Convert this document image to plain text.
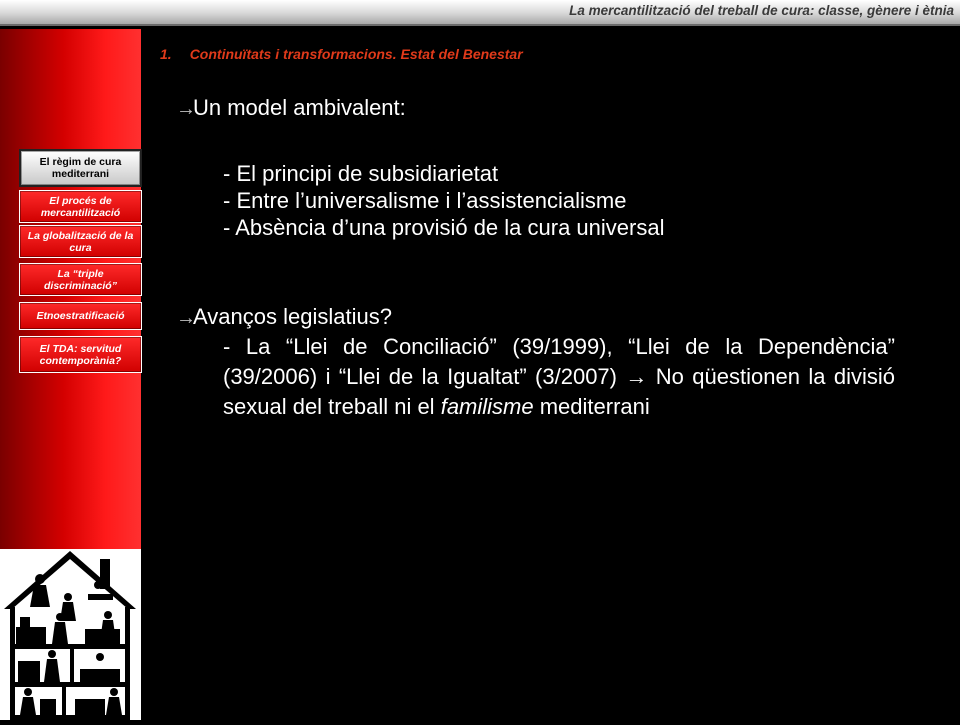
La mercantilització del treball de cura: classe, gènere i ètnia
El règim de cura mediterrani
El procés de mercantilització
La globalització de la cura
La “triple discriminació”
Etnoestratificació
El TDA: servitud contemporània?
1. Continuïtats i transformacions. Estat del Benestar
→
Un model ambivalent:
- El principi de subsidiarietat
- Entre l’universalisme i l’assistencialisme
- Absència d’una provisió de la cura universal
→
Avanços legislatius?
- La “Llei de Conciliació” (39/1999), “Llei de la Dependència” (39/2006) i “Llei de la Igualtat” (3/2007) → No qüestionen la divisió sexual del treball ni el familisme mediterrani
